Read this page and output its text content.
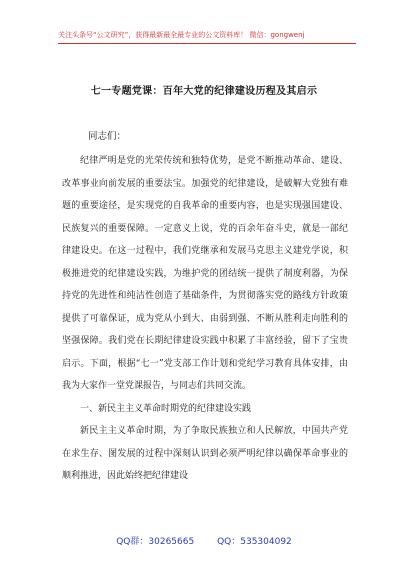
关注头条号“公文研究”，获得最新最全最专业的公文资料库！ 微信：gongwenj
七一专题党课：百年大党的纪律建设历程及其启示
同志们：

纪律严明是党的光荣传统和独特优势，是党不断推动革命、建设、改革事业向前发展的重要法宝。加强党的纪律建设，是破解大党独有难题的重要途径，是实现党的自我革命的重要内容，也是实现强国建设、民族复兴的重要保障。一定意义上说，党的百余年奋斗史，就是一部纪律建设史。在这一过程中，我们党继承和发展马克思主义建党学说，积极推进党的纪律建设实践，为维护党的团结统一提供了制度利器，为保持党的先进性和纯洁性创造了基础条件，为贯彻落实党的路线方针政策提供了可靠保证，成为党从小到大、由弱到强、不断从胜利走向胜利的坚强保障。我们党在长期纪律建设实践中积累了丰富经验，留下了宝贵启示。下面，根据“七一”党支部工作计划和党纪学习教育具体安排，由我为大家作一堂党课报告，与同志们共同交流。

一、新民主主义革命时期党的纪律建设实践

新民主主义革命时期，为了争取民族独立和人民解放，中国共产党在求生存、图发展的过程中深刻认识到必须严明纪律以确保革命事业的顺利推进，因此始终把纪律建设

QQ群：30265665	QQ：535304092
